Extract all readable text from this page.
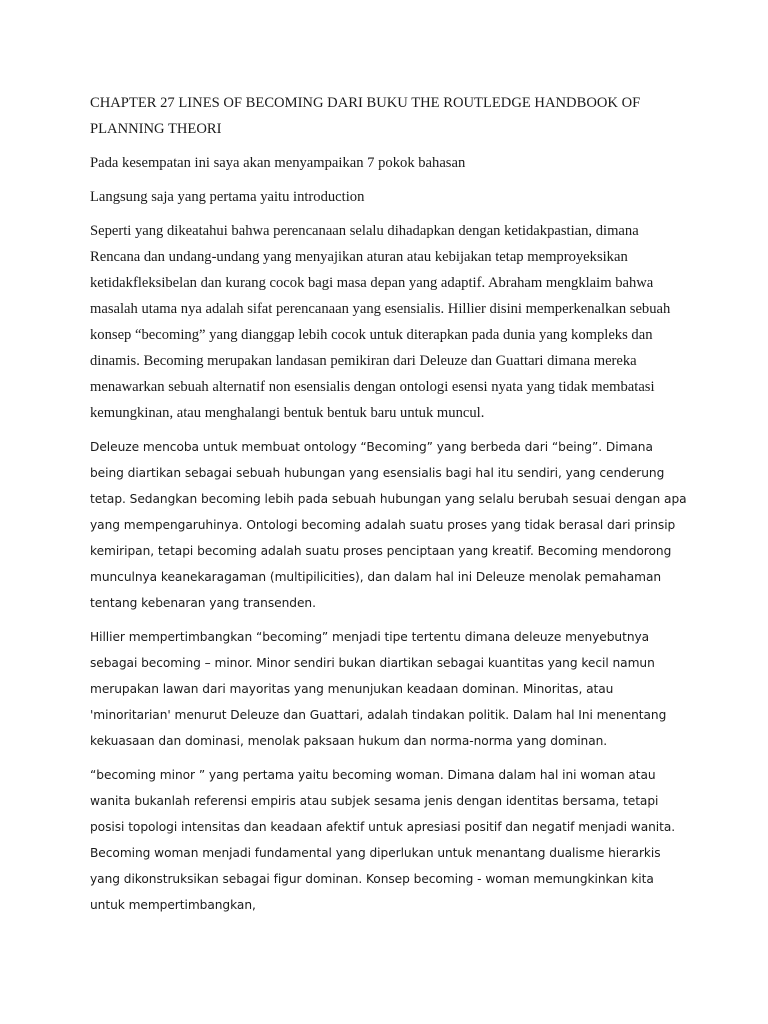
CHAPTER 27 LINES OF BECOMING DARI BUKU THE ROUTLEDGE HANDBOOK OF PLANNING THEORI

Pada kesempatan ini saya akan menyampaikan 7 pokok bahasan

Langsung saja yang pertama yaitu introduction

Seperti yang dikeatahui bahwa perencanaan selalu dihadapkan dengan ketidakpastian, dimana Rencana dan undang-undang yang menyajikan aturan atau kebijakan tetap memproyeksikan ketidakfleksibelan dan kurang cocok bagi masa depan yang adaptif. Abraham mengklaim bahwa masalah utama nya adalah sifat perencanaan yang esensialis. Hillier disini memperkenalkan sebuah konsep “becoming” yang dianggap lebih cocok untuk diterapkan pada dunia yang kompleks dan dinamis. Becoming merupakan landasan pemikiran dari Deleuze dan Guattari dimana mereka menawarkan sebuah alternatif non esensialis dengan ontologi esensi nyata yang tidak membatasi kemungkinan, atau menghalangi bentuk bentuk baru untuk muncul.

Deleuze mencoba untuk membuat ontology “Becoming” yang berbeda dari “being”. Dimana being diartikan sebagai sebuah hubungan yang esensialis bagi hal itu sendiri, yang cenderung tetap. Sedangkan becoming lebih pada sebuah hubungan yang selalu berubah sesuai dengan apa yang mempengaruhinya. Ontologi becoming adalah suatu proses yang tidak berasal dari prinsip kemiripan, tetapi becoming adalah suatu proses penciptaan yang kreatif. Becoming mendorong munculnya keanekaragaman (multipilicities), dan dalam hal ini Deleuze menolak pemahaman tentang kebenaran yang transenden.

Hillier mempertimbangkan “becoming” menjadi tipe tertentu dimana deleuze menyebutnya sebagai becoming – minor. Minor sendiri bukan diartikan sebagai kuantitas yang kecil namun merupakan lawan dari mayoritas yang menunjukan keadaan dominan. Minoritas, atau 'minoritarian' menurut Deleuze dan Guattari, adalah tindakan politik. Dalam hal Ini menentang kekuasaan dan dominasi, menolak paksaan hukum dan norma-norma yang dominan.

“becoming minor ” yang pertama yaitu becoming woman. Dimana dalam hal ini woman atau wanita bukanlah referensi empiris atau subjek sesama jenis dengan identitas bersama, tetapi posisi topologi intensitas dan keadaan afektif untuk apresiasi positif dan negatif menjadi wanita. Becoming woman menjadi fundamental yang diperlukan untuk menantang dualisme hierarkis yang dikonstruksikan sebagai figur dominan. Konsep becoming - woman memungkinkan kita untuk mempertimbangkan,
